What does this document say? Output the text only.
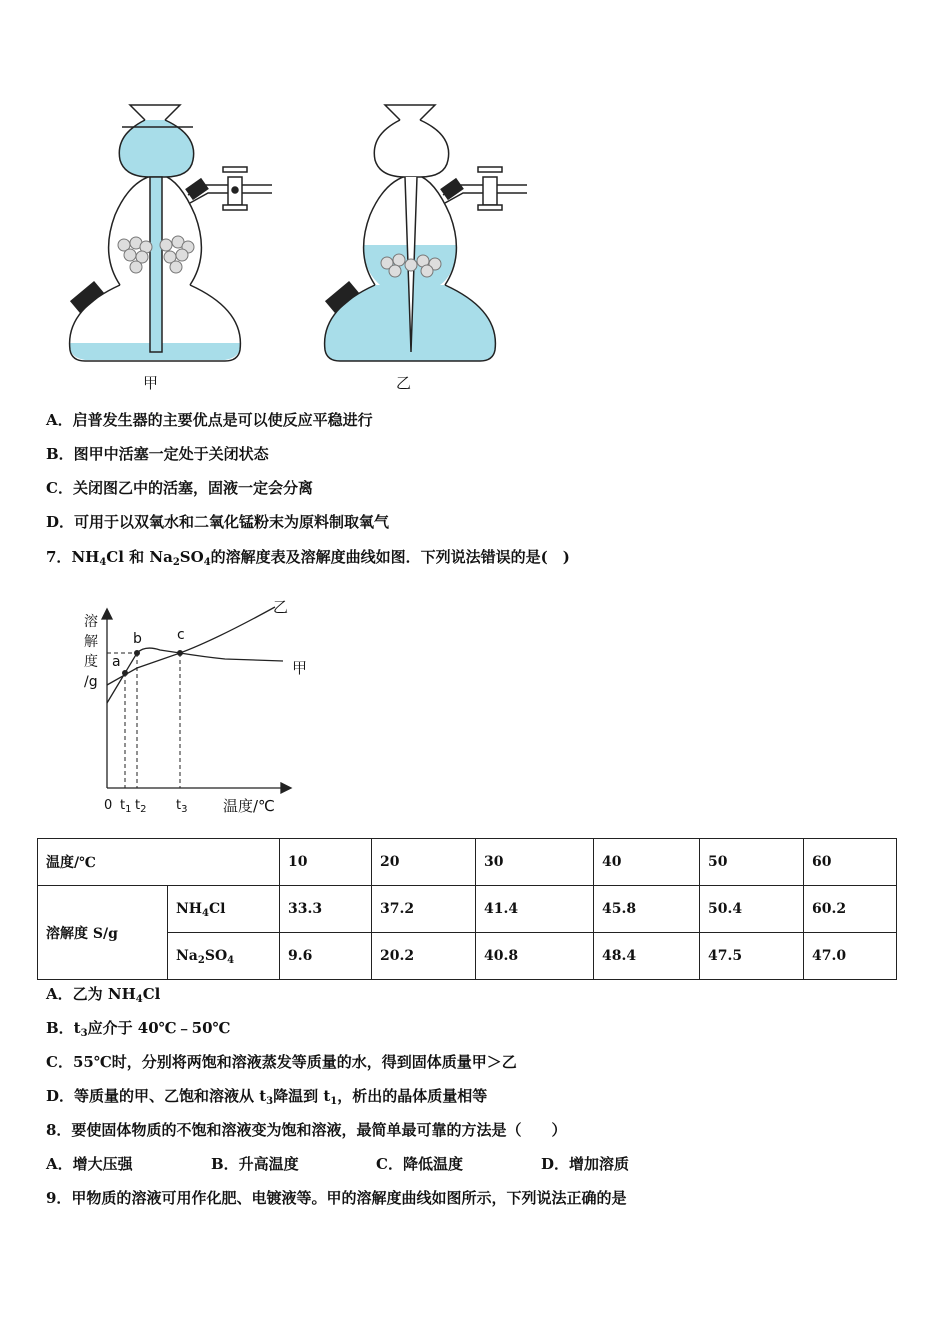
甲	乙
A．启普发生器的主要优点是可以使反应平稳进行
B．图甲中活塞一定处于关闭状态
C．关闭图乙中的活塞，固液一定会分离
D．可用于以双氧水和二氧化锰粉末为原料制取氧气
7．$NH_4Cl$ 和 $Na_2SO_4$的溶解度表及溶解度曲线如图．下列说法错误的是(　)
溶
解
度
/g
a
b	c
乙
甲
0 $t_1$ $t_2$ $t_3$ 温度/℃
温度/℃		10	20	30	40	50	60
溶解度 S/g	$NH_4Cl$	33.3	37.2	41.4	45.8	50.4	60.2
	$Na_2SO_4$	9.6	20.2	40.8	48.4	47.5	47.0
A．乙为 $NH_4Cl$
B．$t_3$应介于 40℃﹣50℃
C．55℃时，分别将两饱和溶液蒸发等质量的水，得到固体质量甲＞乙
D．等质量的甲、乙饱和溶液从 $t_3$降温到 $t_1$，析出的晶体质量相等
8．要使固体物质的不饱和溶液变为饱和溶液，最简单最可靠的方法是（　　）
A．增大压强	B．升高温度	C．降低温度	D．增加溶质
9．甲物质的溶液可用作化肥、电镀液等。甲的溶解度曲线如图所示，下列说法正确的是
